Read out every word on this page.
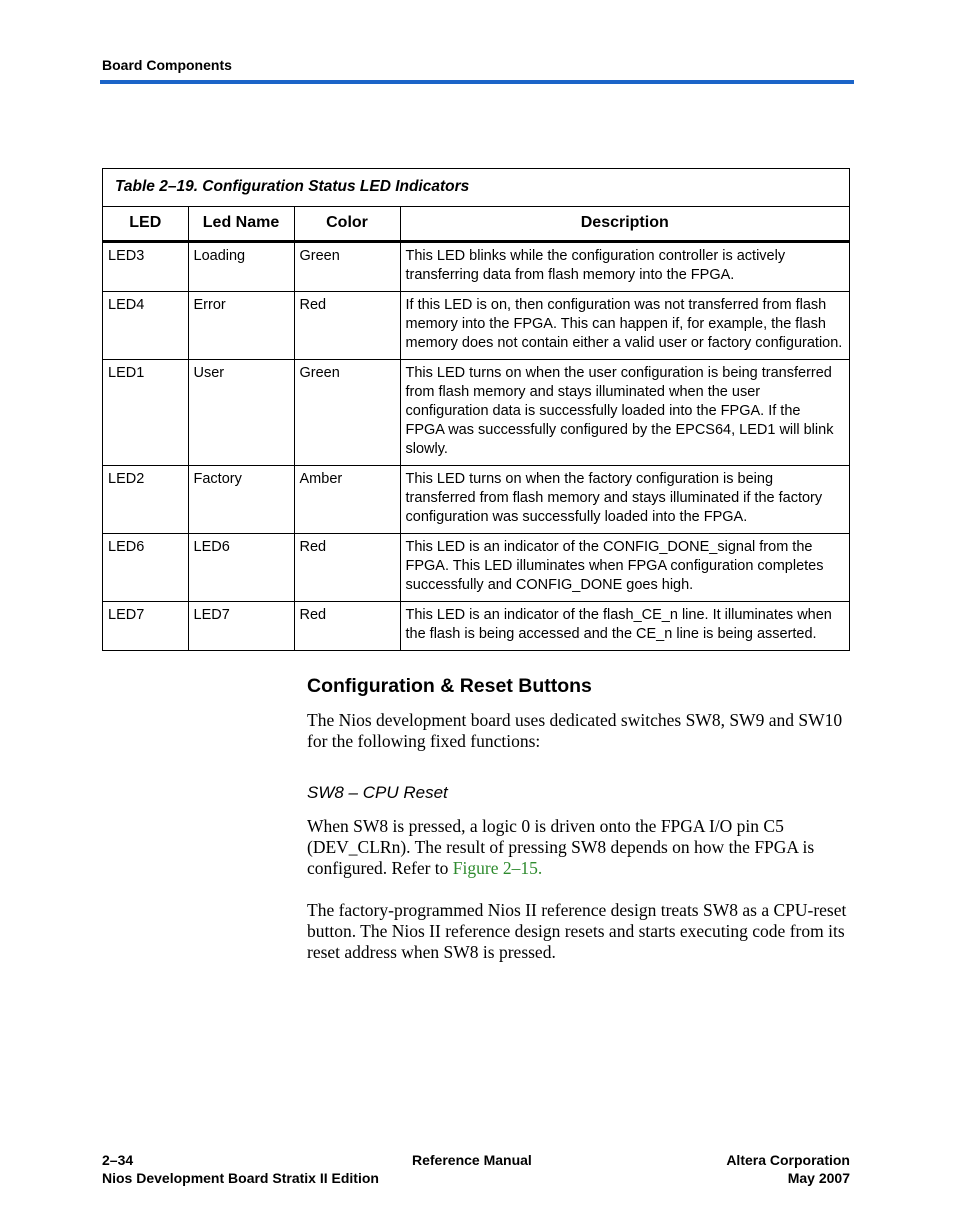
Board Components
Table 2–19. Configuration Status LED Indicators
LED	Led Name	Color	Description
LED3	Loading	Green	This LED blinks while the configuration controller is actively transferring data from flash memory into the FPGA.
LED4	Error	Red	If this LED is on, then configuration was not transferred from flash memory into the FPGA. This can happen if, for example, the flash memory does not contain either a valid user or factory configuration.
LED1	User	Green	This LED turns on when the user configuration is being transferred from flash memory and stays illuminated when the user configuration data is successfully loaded into the FPGA. If the FPGA was successfully configured by the EPCS64, LED1 will blink slowly.
LED2	Factory	Amber	This LED turns on when the factory configuration is being transferred from flash memory and stays illuminated if the factory configuration was successfully loaded into the FPGA.
LED6	LED6	Red	This LED is an indicator of the CONFIG_DONE_signal from the FPGA. This LED illuminates when FPGA configuration completes successfully and CONFIG_DONE goes high.
LED7	LED7	Red	This LED is an indicator of the flash_CE_n line. It illuminates when the flash is being accessed and the CE_n line is being asserted.
Configuration & Reset Buttons
The Nios development board uses dedicated switches SW8, SW9 and SW10 for the following fixed functions:
SW8 – CPU Reset
When SW8 is pressed, a logic 0 is driven onto the FPGA I/O pin C5 (DEV_CLRn). The result of pressing SW8 depends on how the FPGA is configured. Refer to Figure 2–15.
The factory-programmed Nios II reference design treats SW8 as a CPU-reset button. The Nios II reference design resets and starts executing code from its reset address when SW8 is pressed.
2–34
Nios Development Board Stratix II Edition
Reference Manual	Altera Corporation
May 2007
